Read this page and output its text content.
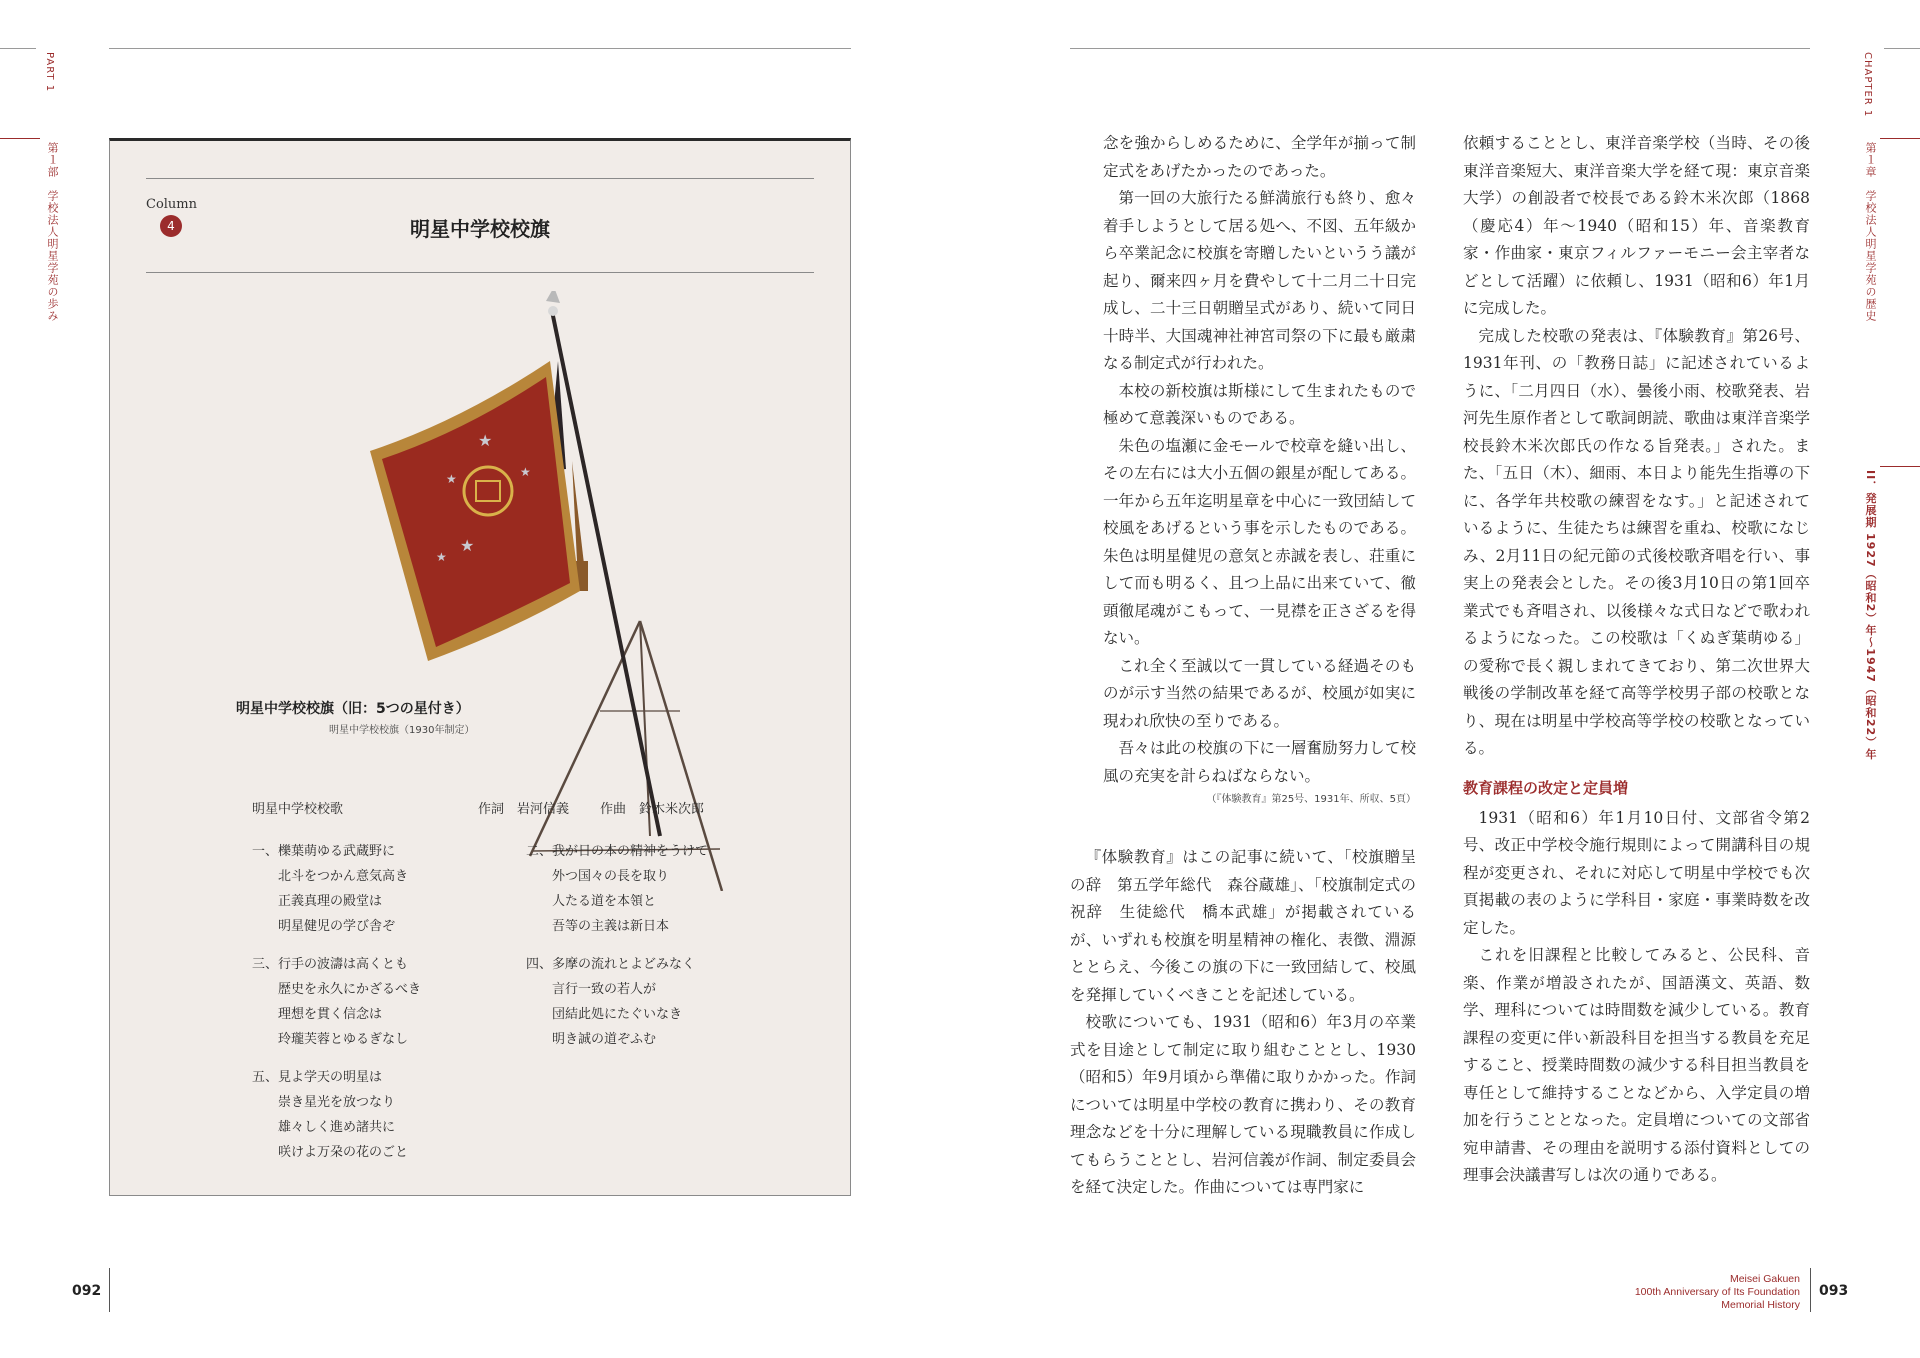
PART 1
第１部　学校法人明星学苑の歩み
CHAPTER 1
第１章　学校法人明星学苑の歴史
II．発展期 1927（昭和2）年〜1947（昭和22）年
Column
4	明星中学校校旗
★
★
★
★
★
明星中学校校旗（旧：5つの星付き）
明星中学校校旗（1930年制定）
明星中学校校歌	作詞　岩河信義 作曲　鈴木米次郎
一、櫟葉萌ゆる武蔵野に
北斗をつかん意気高き
正義真理の殿堂は
明星健児の学び舎ぞ
二、我が日の本の精神をうけて
外つ国々の長を取り
人たる道を本領と
吾等の主義は新日本
三、行手の波濤は高くとも
歴史を永久にかざるべき
理想を貫く信念は
玲瓏芙蓉とゆるぎなし
四、多摩の流れとよどみなく
言行一致の若人が
団結此処にたぐいなき
明き誠の道ぞふむ
五、見よ学天の明星は
崇き星光を放つなり
雄々しく進め諸共に
咲けよ万朶の花のごと

念を強からしめるために、全学年が揃って制定式をあげたかったのであった。

第一回の大旅行たる鮮満旅行も終り、愈々着手しようとして居る処へ、不図、五年級から卒業記念に校旗を寄贈したいというう議が起り、爾来四ヶ月を費やして十二月二十日完成し、二十三日朝贈呈式があり、続いて同日十時半、大国魂神社神宮司祭の下に最も厳粛なる制定式が行われた。

本校の新校旗は斯様にして生まれたもので極めて意義深いものである。

朱色の塩瀬に金モールで校章を縫い出し、その左右には大小五個の銀星が配してある。一年から五年迄明星章を中心に一致団結して校風をあげるという事を示したものである。朱色は明星健児の意気と赤誠を表し、荘重にして而も明るく、且つ上品に出来ていて、徹頭徹尾魂がこもって、一見襟を正さざるを得ない。

これ全く至誠以て一貫している経過そのものが示す当然の結果であるが、校風が如実に現われ欣快の至りである。

吾々は此の校旗の下に一層奮励努力して校風の充実を計らねばならない。

（『体験教育』第25号、1931年、所収、5頁）

『体験教育』はこの記事に続いて、「校旗贈呈の辞　第五学年総代　森谷蔵雄」、「校旗制定式の祝辞　生徒総代　橋本武雄」が掲載されているが、いずれも校旗を明星精神の権化、表徴、淵源ととらえ、今後この旗の下に一致団結して、校風を発揮していくべきことを記述している。

校歌についても、1931（昭和6）年3月の卒業式を目途として制定に取り組むこととし、1930（昭和5）年9月頃から準備に取りかかった。作詞については明星中学校の教育に携わり、その教育理念などを十分に理解している現職教員に作成してもらうこととし、岩河信義が作詞、制定委員会を経て決定した。作曲については専門家に

依頼することとし、東洋音楽学校（当時、その後東洋音楽短大、東洋音楽大学を経て現：東京音楽大学）の創設者で校長である鈴木米次郎（1868（慶応4）年〜1940（昭和15）年、音楽教育家・作曲家・東京フィルファーモニー会主宰者などとして活躍）に依頼し、1931（昭和6）年1月に完成した。

完成した校歌の発表は、『体験教育』第26号、1931年刊、の「教務日誌」に記述されているように、「二月四日（水）、曇後小雨、校歌発表、岩河先生原作者として歌詞朗読、歌曲は東洋音楽学校長鈴木米次郎氏の作なる旨発表。」された。また、「五日（木）、細雨、本日より能先生指導の下に、各学年共校歌の練習をなす。」と記述されているように、生徒たちは練習を重ね、校歌になじみ、2月11日の紀元節の式後校歌斉唱を行い、事実上の発表会とした。その後3月10日の第1回卒業式でも斉唱され、以後様々な式日などで歌われるようになった。この校歌は「くぬぎ葉萌ゆる」の愛称で長く親しまれてきており、第二次世界大戦後の学制改革を経て高等学校男子部の校歌となり、現在は明星中学校高等学校の校歌となっている。

教育課程の改定と定員増

1931（昭和6）年1月10日付、文部省令第2号、改正中学校令施行規則によって開講科目の規程が変更され、それに対応して明星中学校でも次頁掲載の表のように学科目・家庭・事業時数を改定した。

これを旧課程と比較してみると、公民科、音楽、作業が増設されたが、国語漢文、英語、数学、理科については時間数を減少している。教育課程の変更に伴い新設科目を担当する教員を充足すること、授業時間数の減少する科目担当教員を専任として維持することなどから、入学定員の増加を行うこととなった。定員増についての文部省宛申請書、その理由を説明する添付資料としての理事会決議書写しは次の通りである。

092
Meisei Gakuen
100th Anniversary of Its Foundation
Memorial History
093
